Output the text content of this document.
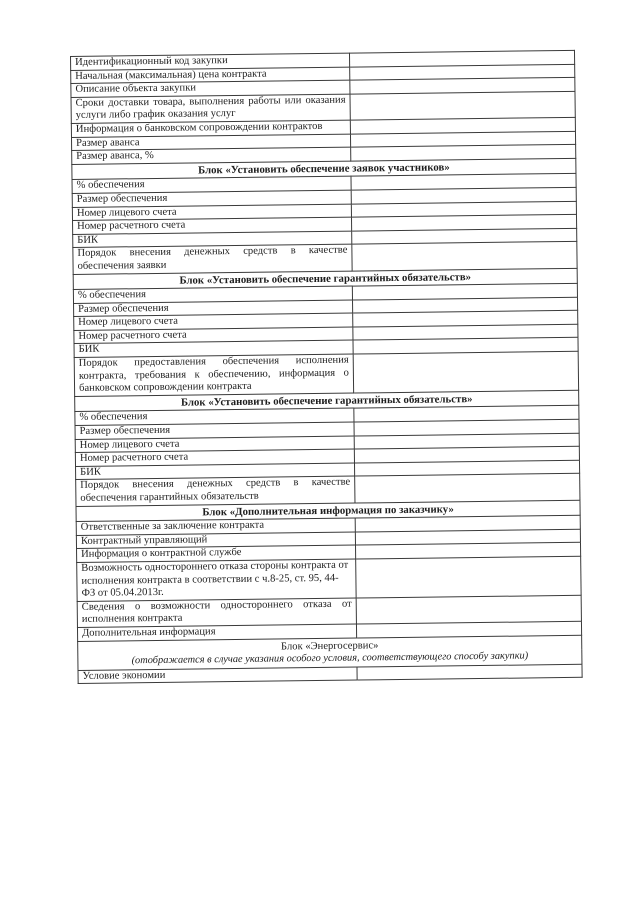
Идентификационный код закупки	
Начальная (максимальная) цена контракта	
Описание объекта закупки	
Сроки доставки товара, выполнения работы или оказания услуги либо график оказания услуг	
Информация о банковском сопровождении контрактов	
Размер аванса	
Размер аванса, %	
Блок «Установить обеспечение заявок участников»	
% обеспечения	
Размер обеспечения	
Номер лицевого счета	
Номер расчетного счета	
БИК	
Порядок внесения денежных средств в качестве обеспечения заявки	
Блок «Установить обеспечение гарантийных обязательств»	
% обеспечения	
Размер обеспечения	
Номер лицевого счета	
Номер расчетного счета	
БИК	
Порядок предоставления обеспечения исполнения контракта, требования к обеспечению, информация о банковском сопровождении контракта	
Блок «Установить обеспечение гарантийных обязательств»	
% обеспечения	
Размер обеспечения	
Номер лицевого счета	
Номер расчетного счета	
БИК	
Порядок внесения денежных средств в качестве обеспечения гарантийных обязательств	
Блок «Дополнительная информация по заказчику»	
Ответственные за заключение контракта	
Контрактный управляющий	
Информация о контрактной службе	
Возможность одностороннего отказа стороны контракта от исполнения контракта в соответствии с ч.8-25, ст. 95, 44-ФЗ от 05.04.2013г.	
Сведения о возможности одностороннего отказа от исполнения контракта	
Дополнительная информация	
Блок «Энергосервис»	
(отображается в случае указания особого условия, соответствующего способу закупки)	
Условие экономии	
